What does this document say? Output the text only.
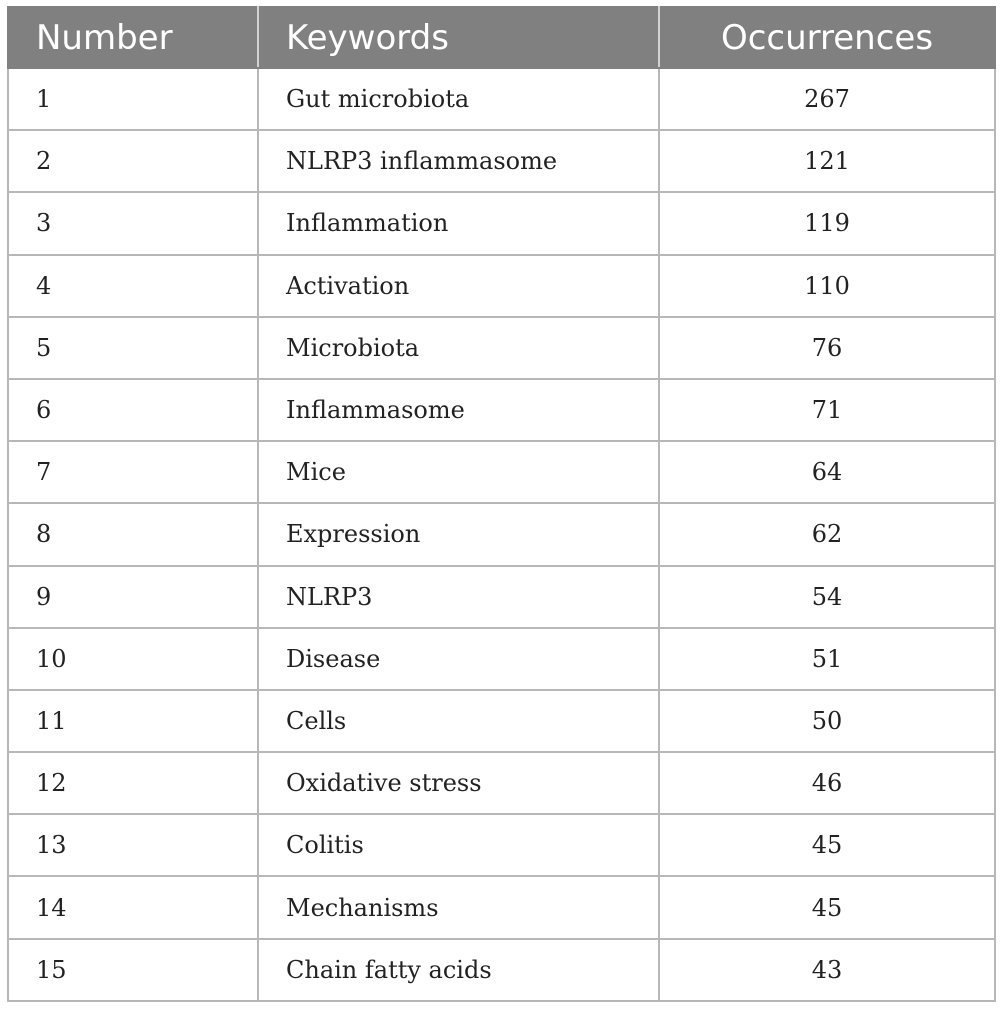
Number	Keywords	Occurrences
1	Gut microbiota	267
2	NLRP3 inflammasome	121
3	Inflammation	119
4	Activation	110
5	Microbiota	76
6	Inflammasome	71
7	Mice	64
8	Expression	62
9	NLRP3	54
10	Disease	51
11	Cells	50
12	Oxidative stress	46
13	Colitis	45
14	Mechanisms	45
15	Chain fatty acids	43
